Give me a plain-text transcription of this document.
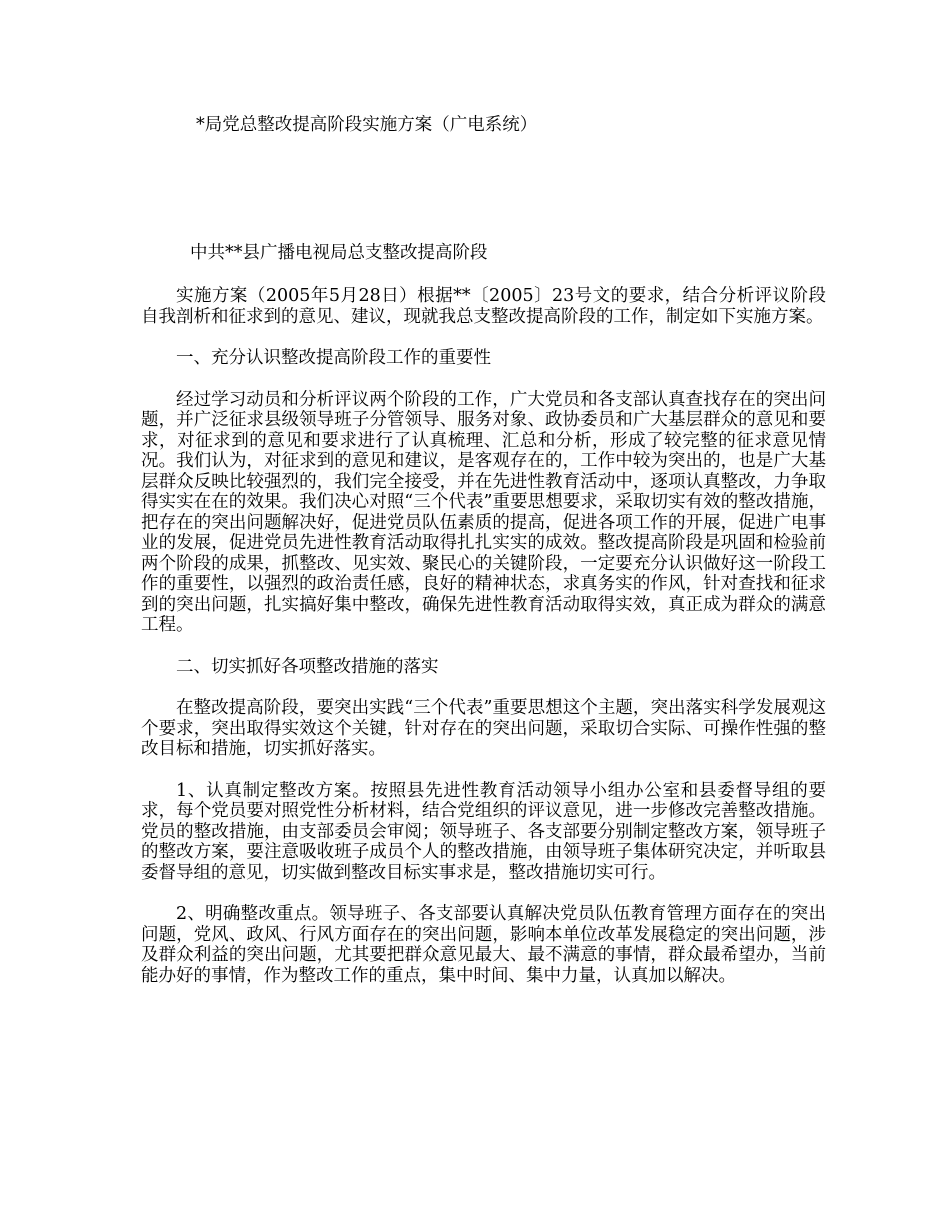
*局党总整改提高阶段实施方案（广电系统）
中共**县广播电视局总支整改提高阶段

实施方案（2005年5月28日）根据**〔2005〕23号文的要求，结合分析评议阶段自我剖析和征求到的意见、建议，现就我总支整改提高阶段的工作，制定如下实施方案。

一、充分认识整改提高阶段工作的重要性

经过学习动员和分析评议两个阶段的工作，广大党员和各支部认真查找存在的突出问题，并广泛征求县级领导班子分管领导、服务对象、政协委员和广大基层群众的意见和要求，对征求到的意见和要求进行了认真梳理、汇总和分析，形成了较完整的征求意见情况。我们认为，对征求到的意见和建议，是客观存在的，工作中较为突出的，也是广大基层群众反映比较强烈的，我们完全接受，并在先进性教育活动中，逐项认真整改，力争取得实实在在的效果。我们决心对照“三个代表”重要思想要求，采取切实有效的整改措施，把存在的突出问题解决好，促进党员队伍素质的提高，促进各项工作的开展，促进广电事业的发展，促进党员先进性教育活动取得扎扎实实的成效。整改提高阶段是巩固和检验前两个阶段的成果，抓整改、见实效、聚民心的关键阶段，一定要充分认识做好这一阶段工作的重要性，以强烈的政治责任感，良好的精神状态，求真务实的作风，针对查找和征求到的突出问题，扎实搞好集中整改，确保先进性教育活动取得实效，真正成为群众的满意工程。

二、切实抓好各项整改措施的落实

在整改提高阶段，要突出实践“三个代表”重要思想这个主题，突出落实科学发展观这个要求，突出取得实效这个关键，针对存在的突出问题，采取切合实际、可操作性强的整改目标和措施，切实抓好落实。

1、认真制定整改方案。按照县先进性教育活动领导小组办公室和县委督导组的要求，每个党员要对照党性分析材料，结合党组织的评议意见，进一步修改完善整改措施。党员的整改措施，由支部委员会审阅；领导班子、各支部要分别制定整改方案，领导班子的整改方案，要注意吸收班子成员个人的整改措施，由领导班子集体研究决定，并听取县委督导组的意见，切实做到整改目标实事求是，整改措施切实可行。

2、明确整改重点。领导班子、各支部要认真解决党员队伍教育管理方面存在的突出问题，党风、政风、行风方面存在的突出问题，影响本单位改革发展稳定的突出问题，涉及群众利益的突出问题，尤其要把群众意见最大、最不满意的事情，群众最希望办，当前能办好的事情，作为整改工作的重点，集中时间、集中力量，认真加以解决。
